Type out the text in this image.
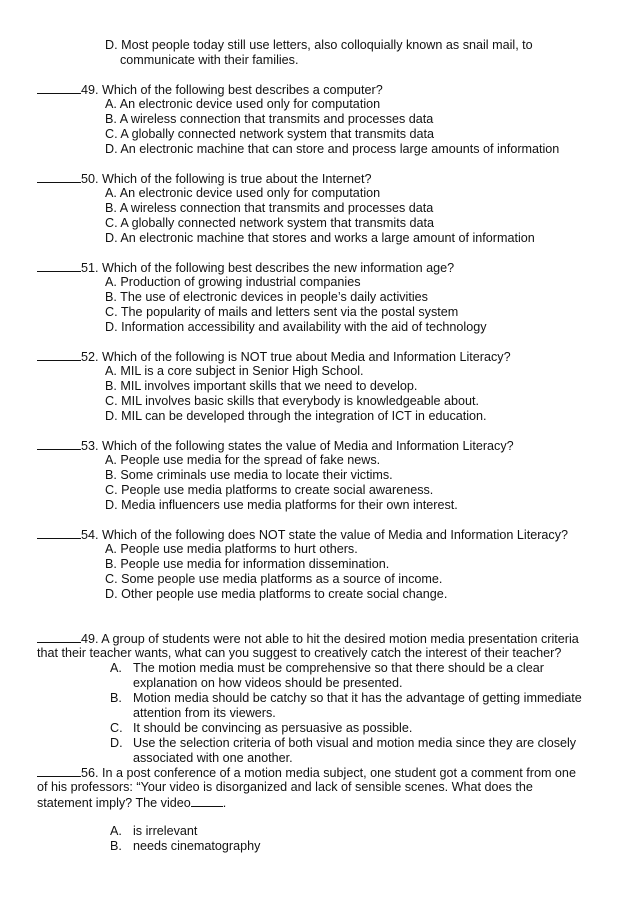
D. Most people today still use letters, also colloquially known as snail mail, to
communicate with their families.
49. Which of the following best describes a computer?
A. An electronic device used only for computation
B. A wireless connection that transmits and processes data
C. A globally connected network system that transmits data
D. An electronic machine that can store and process large amounts of information
50. Which of the following is true about the Internet?
A. An electronic device used only for computation
B. A wireless connection that transmits and processes data
C. A globally connected network system that transmits data
D. An electronic machine that stores and works a large amount of information
51. Which of the following best describes the new information age?
A. Production of growing industrial companies
B. The use of electronic devices in people’s daily activities
C. The popularity of mails and letters sent via the postal system
D. Information accessibility and availability with the aid of technology
52. Which of the following is NOT true about Media and Information Literacy?
A. MIL is a core subject in Senior High School.
B. MIL involves important skills that we need to develop.
C. MIL involves basic skills that everybody is knowledgeable about.
D. MIL can be developed through the integration of ICT in education.
53. Which of the following states the value of Media and Information Literacy?
A. People use media for the spread of fake news.
B. Some criminals use media to locate their victims.
C. People use media platforms to create social awareness.
D. Media influencers use media platforms for their own interest.
54. Which of the following does NOT state the value of Media and Information Literacy?
A. People use media platforms to hurt others.
B. People use media for information dissemination.
C. Some people use media platforms as a source of income.
D. Other people use media platforms to create social change.
49. A group of students were not able to hit the desired motion media presentation criteria
that their teacher wants, what can you suggest to creatively catch the interest of their teacher?
A. The motion media must be comprehensive so that there should be a clear
explanation on how videos should be presented.
B. Motion media should be catchy so that it has the advantage of getting immediate
attention from its viewers.
C. It should be convincing as persuasive as possible.
D. Use the selection criteria of both visual and motion media since they are closely
associated with one another.
56. In a post conference of a motion media subject, one student got a comment from one
of his professors: “Your video is disorganized and lack of sensible scenes. What does the
statement imply? The video	.
A. is irrelevant
B. needs cinematography
